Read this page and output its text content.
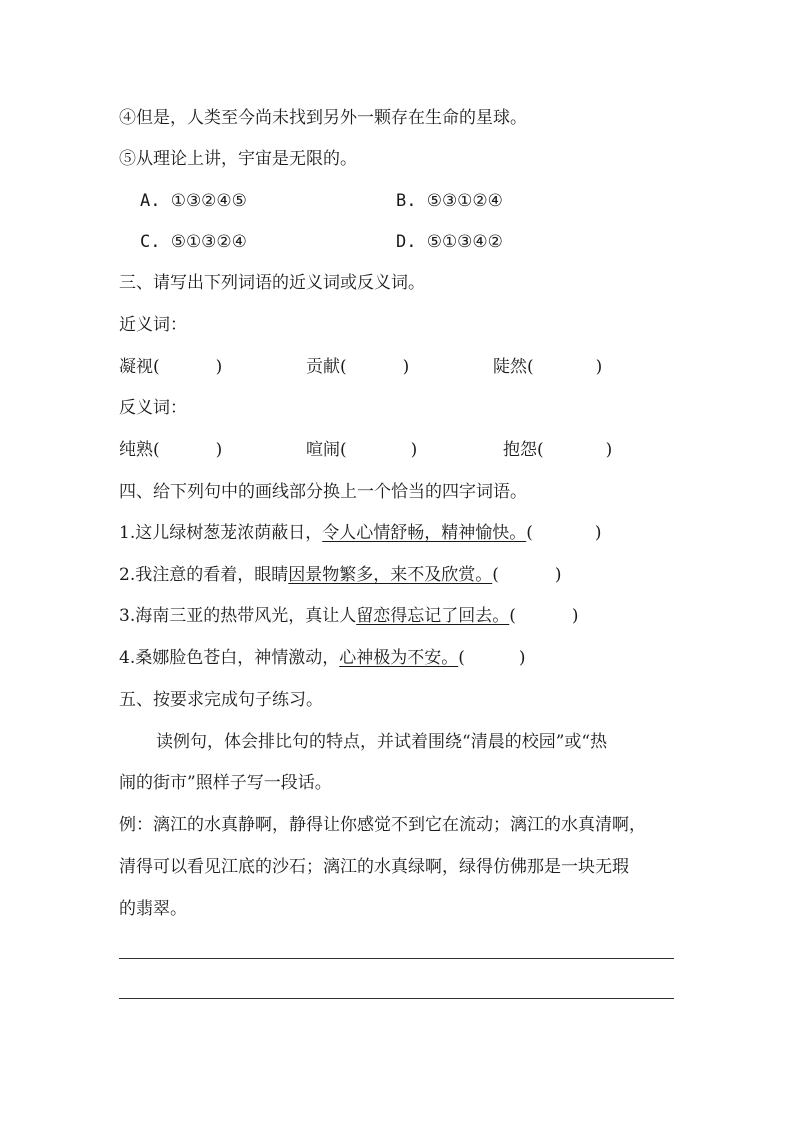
④但是，人类至今尚未找到另外一颗存在生命的星球。
⑤从理论上讲，宇宙是无限的。
A. ①③②④⑤	B. ⑤③①②④
C. ⑤①③②④	D. ⑤①③④②
三、请写出下列词语的近义词或反义词。
近义词：
凝视(	)	贡献(	)	陡然(	)
反义词：
纯熟(	)	喧闹(	)	抱怨(	)
四、给下列句中的画线部分换上一个恰当的四字词语。
1.这儿绿树葱茏浓荫蔽日，令人心情舒畅，精神愉快。(	)
2.我注意的看着，眼睛因景物繁多，来不及欣赏。(	)
3.海南三亚的热带风光，真让人留恋得忘记了回去。(	)
4.桑娜脸色苍白，神情激动，心神极为不安。(	)
五、按要求完成句子练习。
读例句，体会排比句的特点，并试着围绕“清晨的校园”或“热
闹的街市”照样子写一段话。
例：漓江的水真静啊，静得让你感觉不到它在流动；漓江的水真清啊，
清得可以看见江底的沙石；漓江的水真绿啊，绿得仿佛那是一块无瑕
的翡翠。
